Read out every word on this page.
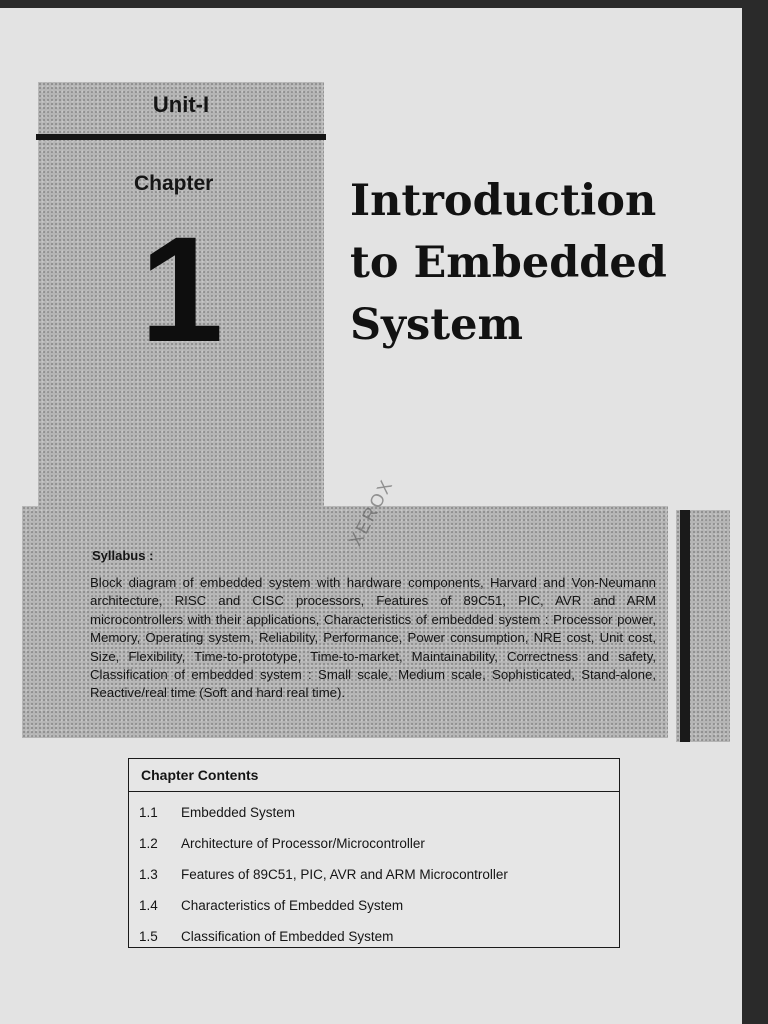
Unit-I
Chapter
1
Introduction
to Embedded
System
XEROX
Syllabus :
Block diagram of embedded system with hardware components, Harvard and Von-Neumann architecture, RISC and CISC processors, Features of 89C51, PIC, AVR and ARM microcontrollers with their applications, Characteristics of embedded system : Processor power, Memory, Operating system, Reliability, Performance, Power consumption, NRE cost, Unit cost, Size, Flexibility, Time-to-prototype, Time-to-market, Maintainability, Correctness and safety, Classification of embedded system : Small scale, Medium scale, Sophisticated, Stand-alone, Reactive/real time (Soft and hard real time).
Chapter Contents
1.1	Embedded System
1.2	Architecture of Processor/Microcontroller
1.3	Features of 89C51, PIC, AVR and ARM Microcontroller
1.4	Characteristics of Embedded System
1.5	Classification of Embedded System
